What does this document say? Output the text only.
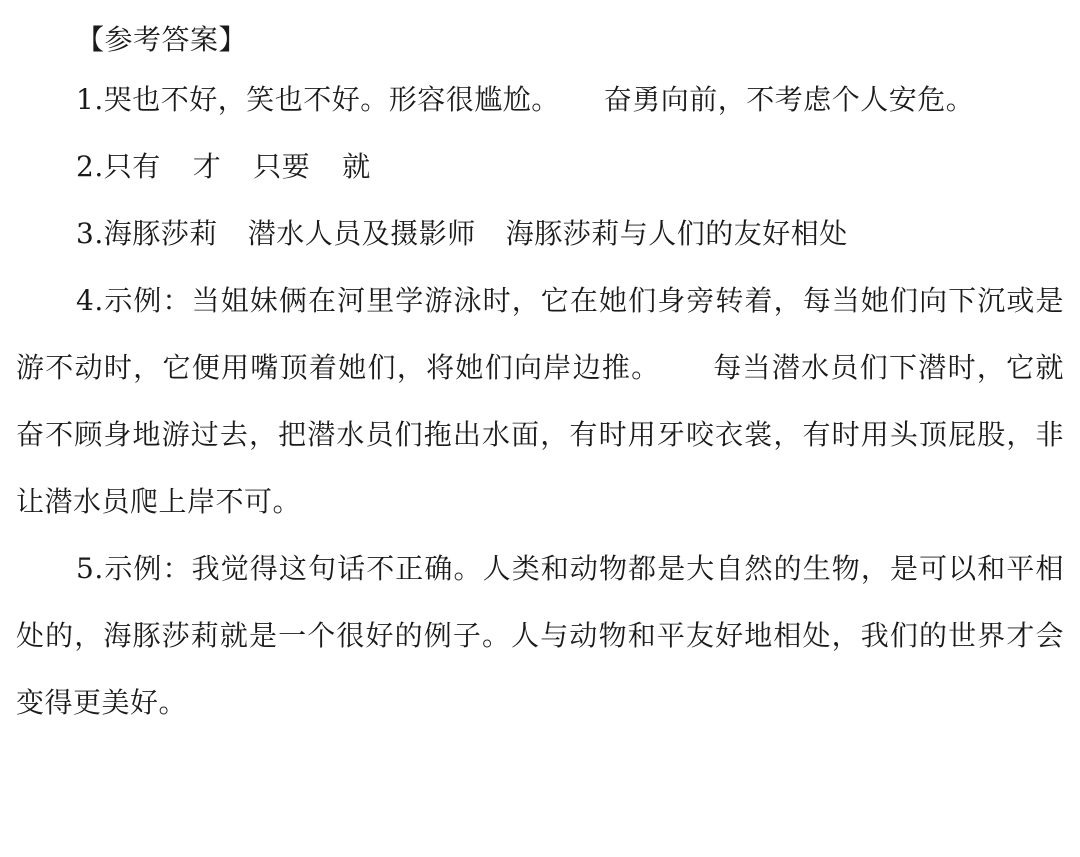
【参考答案】

1.哭也不好，笑也不好。形容很尴尬。 奋勇向前，不考虑个人安危。

2.只有 才 只要 就

3.海豚莎莉 潜水人员及摄影师 海豚莎莉与人们的友好相处

4.示例：当姐妹俩在河里学游泳时，它在她们身旁转着，每当她们向下沉或是游不动时，它便用嘴顶着她们，将她们向岸边推。 每当潜水员们下潜时，它就奋不顾身地游过去，把潜水员们拖出水面，有时用牙咬衣裳，有时用头顶屁股，非让潜水员爬上岸不可。

5.示例：我觉得这句话不正确。人类和动物都是大自然的生物，是可以和平相处的，海豚莎莉就是一个很好的例子。人与动物和平友好地相处，我们的世界才会变得更美好。
